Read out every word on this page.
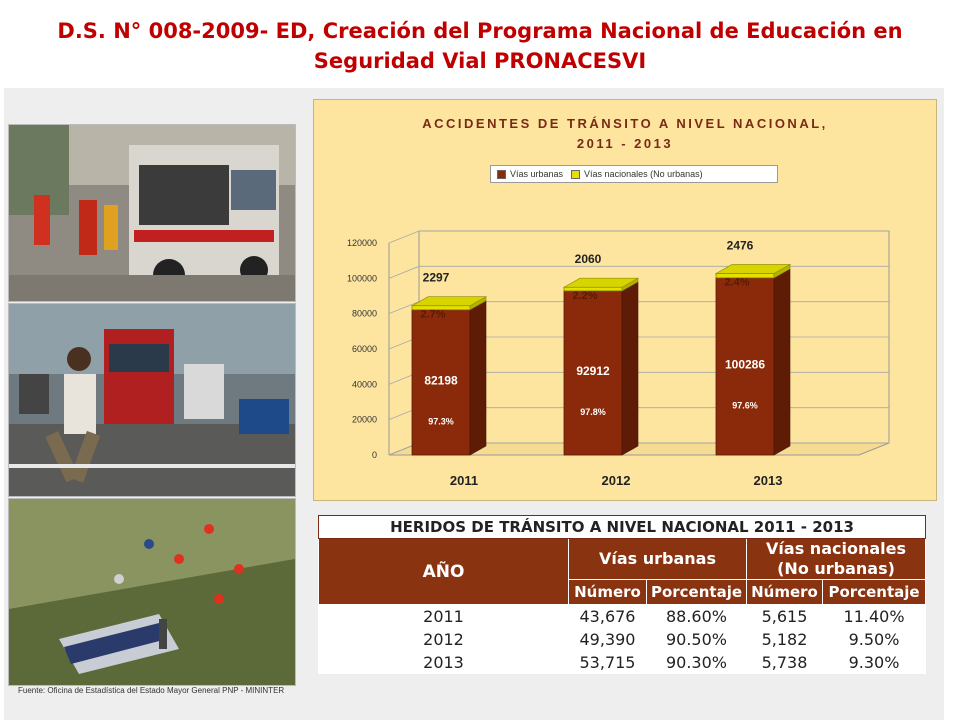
D.S. N° 008-2009- ED, Creación del Programa Nacional de Educación en Seguridad Vial PRONACESVI
Fuente: Oficina de Estadística del Estado Mayor General PNP - MININTER
ACCIDENTES DE TRÁNSITO A NIVEL NACIONAL,
2011 - 2013
Vías urbanas Vías nacionales (No urbanas)
0
20000
40000
60000
80000
100000
120000
82198
97.3%
2.7%
2297
2011
92912
97.8%
2.2%
2060
2012
100286
97.6%
2.4%
2476
2013
HERIDOS DE TRÁNSITO A NIVEL NACIONAL 2011 - 2013				
AÑO	Vías urbanas		Vías nacionales
(No urbanas)	

	Número	Porcentaje	Número	Porcentaje
2011	43,676	88.60%	5,615	11.40%
2012	49,390	90.50%	5,182	9.50%
2013	53,715	90.30%	5,738	9.30%
